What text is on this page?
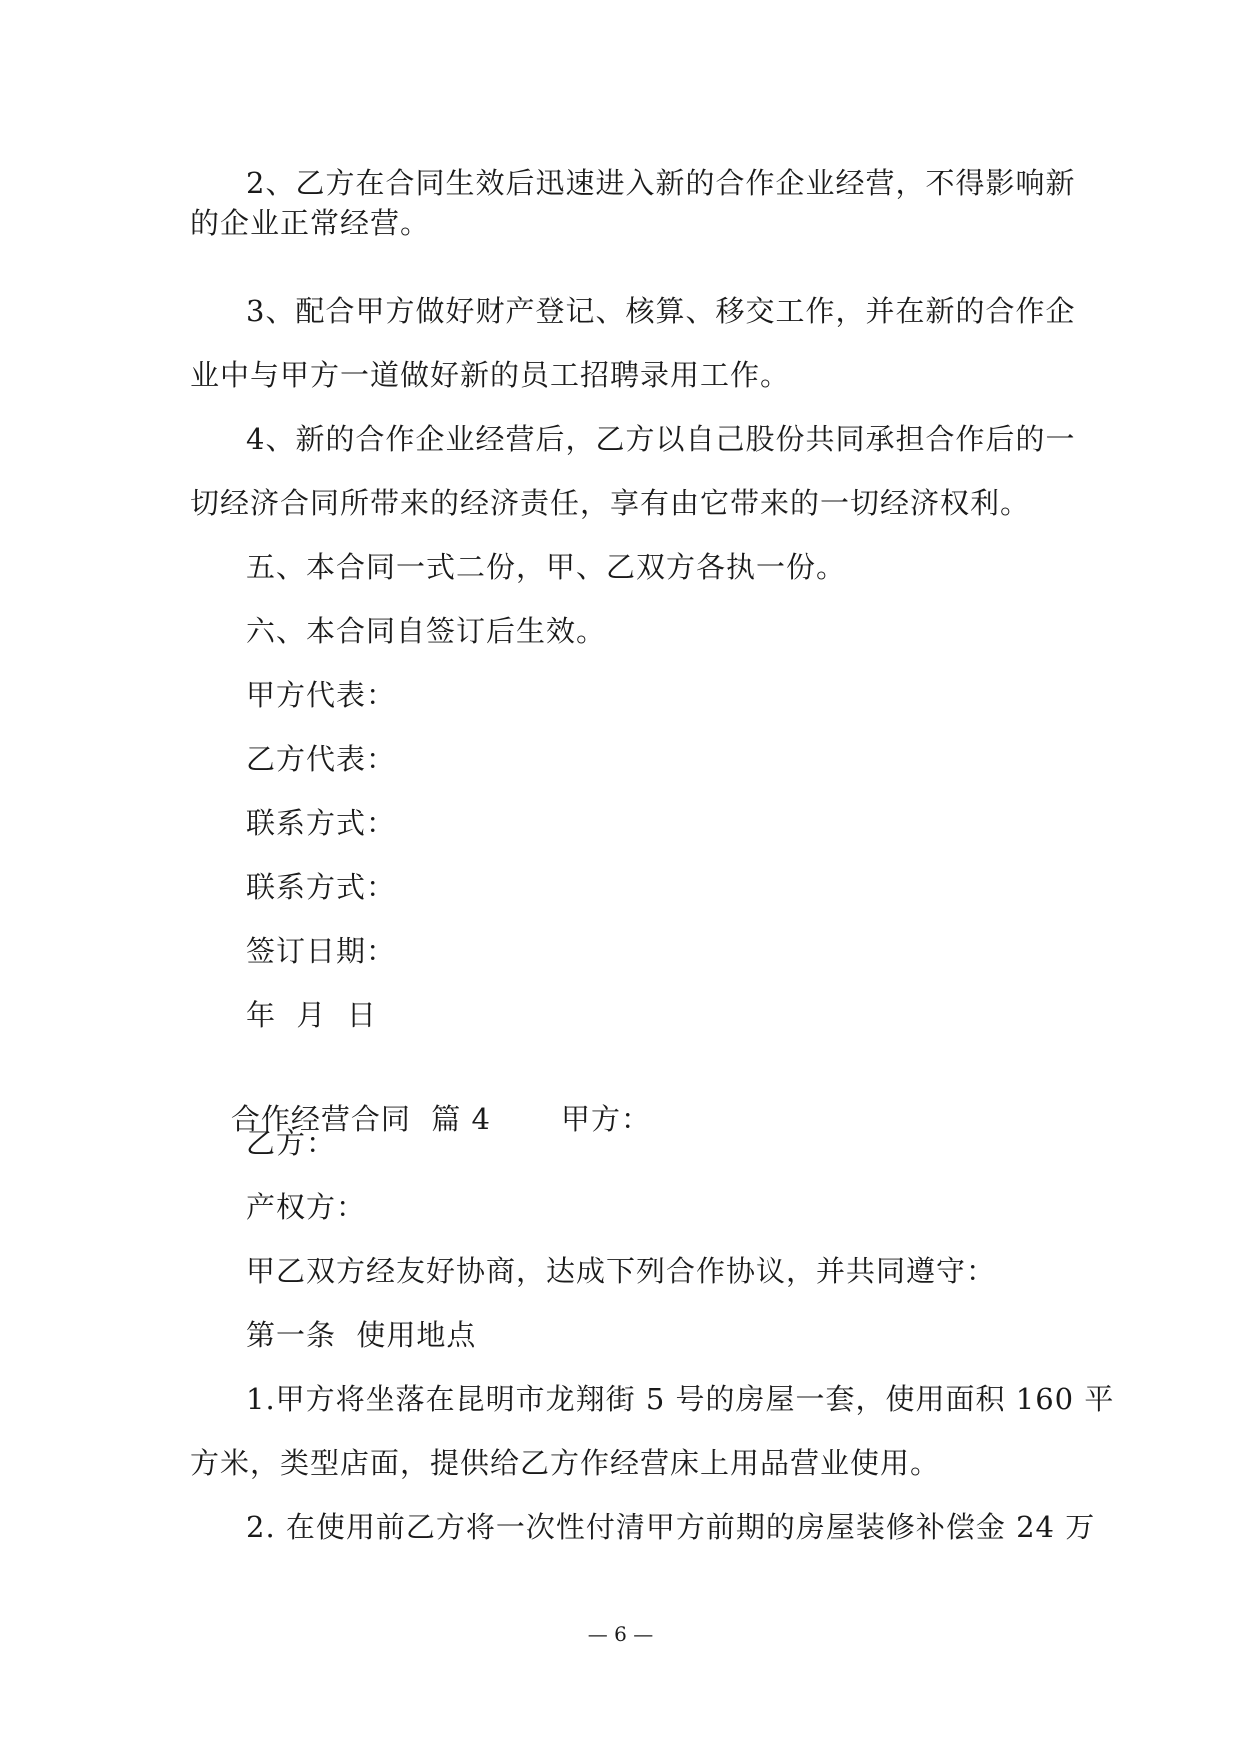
2、乙方在合同生效后迅速进入新的合作企业经营，不得影响新
的企业正常经营。
3、配合甲方做好财产登记、核算、移交工作，并在新的合作企
业中与甲方一道做好新的员工招聘录用工作。
4、新的合作企业经营后，乙方以自己股份共同承担合作后的一
切经济合同所带来的经济责任，享有由它带来的一切经济权利。
五、本合同一式二份，甲、乙双方各执一份。
六、本合同自签订后生效。
甲方代表：
乙方代表：
联系方式：
联系方式：
签订日期：
年  月  日

合作经营合同  篇 4 甲方：

乙方：
产权方：
甲乙双方经友好协商，达成下列合作协议，并共同遵守：
第一条  使用地点
1.甲方将坐落在昆明市龙翔街 5 号的房屋一套，使用面积 160 平
方米，类型店面，提供给乙方作经营床上用品营业使用。
2. 在使用前乙方将一次性付清甲方前期的房屋装修补偿金 24 万
— 6 —
